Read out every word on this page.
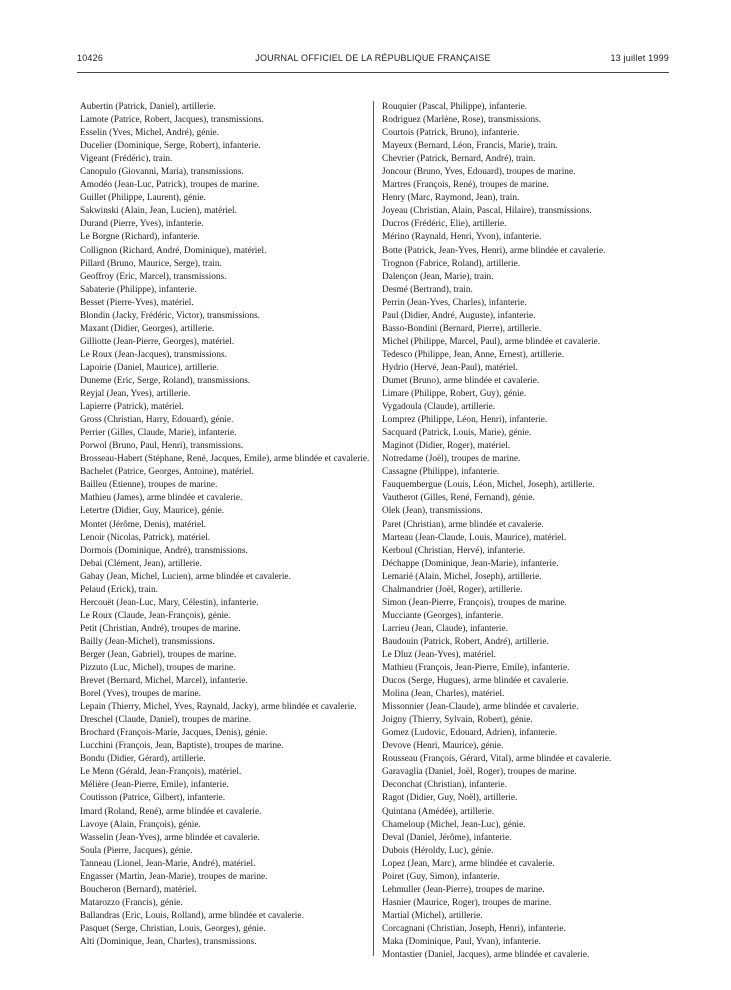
10426	JOURNAL OFFICIEL DE LA RÉPUBLIQUE FRANÇAISE	13 juillet 1999

Aubertin (Patrick, Daniel), artillerie.

Lamote (Patrice, Robert, Jacques), transmissions.

Esselin (Yves, Michel, André), génie.

Ducelier (Dominique, Serge, Robert), infanterie.

Vigeant (Frédéric), train.

Canopulo (Giovanni, Maria), transmissions.

Amodéo (Jean-Luc, Patrick), troupes de marine.

Guillet (Philippe, Laurent), génie.

Sakwinski (Alain, Jean, Lucien), matériel.

Durand (Pierre, Yves), infanterie.

Le Borgne (Richard), infanterie.

Collignon (Richard, André, Dominique), matériel.

Pillard (Bruno, Maurice, Serge), train.

Geoffroy (Eric, Marcel), transmissions.

Sabaterie (Philippe), infanterie.

Besset (Pierre-Yves), matériel.

Blondin (Jacky, Frédéric, Victor), transmissions.

Maxant (Didier, Georges), artillerie.

Gilliotte (Jean-Pierre, Georges), matériel.

Le Roux (Jean-Jacques), transmissions.

Lapoirie (Daniel, Maurice), artillerie.

Duneme (Eric, Serge, Roland), transmissions.

Reyjal (Jean, Yves), artillerie.

Lapierre (Patrick), matériel.

Gross (Christian, Harry, Edouard), génie.

Perrier (Gilles, Claude, Marie), infanterie.

Porwol (Bruno, Paul, Henri), transmissions.

Brosseau-Habert (Stéphane, René, Jacques, Emile), arme blindée et cavalerie.

Bachelet (Patrice, Georges, Antoine), matériel.

Bailleu (Etienne), troupes de marine.

Mathieu (James), arme blindée et cavalerie.

Letertre (Didier, Guy, Maurice), génie.

Montet (Jérôme, Denis), matériel.

Lenoir (Nicolas, Patrick), matériel.

Dormois (Dominique, André), transmissions.

Debai (Clément, Jean), artillerie.

Gabay (Jean, Michel, Lucien), arme blindée et cavalerie.

Pelaud (Erick), train.

Hercouët (Jean-Luc, Mary, Célestin), infanterie.

Le Roux (Claude, Jean-François), génie.

Petit (Christian, André), troupes de marine.

Bailly (Jean-Michel), transmissions.

Berger (Jean, Gabriel), troupes de marine.

Pizzuto (Luc, Michel), troupes de marine.

Brevet (Bernard, Michel, Marcel), infanterie.

Borel (Yves), troupes de marine.

Lepain (Thierry, Michel, Yves, Raynald, Jacky), arme blindée et cavalerie.

Dreschel (Claude, Daniel), troupes de marine.

Brochard (François-Marie, Jacques, Denis), génie.

Lucchini (François, Jean, Baptiste), troupes de marine.

Bondu (Didier, Gérard), artillerie.

Le Menn (Gérald, Jean-François), matériel.

Mélière (Jean-Pierre, Emile), infanterie.

Coutisson (Patrice, Gilbert), infanterie.

Imard (Roland, René), arme blindée et cavalerie.

Lavoye (Alain, François), génie.

Wasselin (Jean-Yves), arme blindée et cavalerie.

Soula (Pierre, Jacques), génie.

Tanneau (Lionel, Jean-Marie, André), matériel.

Engasser (Martin, Jean-Marie), troupes de marine.

Boucheron (Bernard), matériel.

Matarozzo (Francis), génie.

Ballandras (Eric, Louis, Rolland), arme blindée et cavalerie.

Pasquet (Serge, Christian, Louis, Georges), génie.

Alti (Dominique, Jean, Charles), transmissions.

Rouquier (Pascal, Philippe), infanterie.

Rodriguez (Marlène, Rose), transmissions.

Courtois (Patrick, Bruno), infanterie.

Mayeux (Bernard, Léon, Francis, Marie), train.

Chevrier (Patrick, Bernard, André), train.

Joncour (Bruno, Yves, Edouard), troupes de marine.

Martres (François, René), troupes de marine.

Henry (Marc, Raymond, Jean), train.

Joyeau (Christian, Alain, Pascal, Hilaire), transmissions.

Ducros (Frédéric, Elie), artillerie.

Mérino (Raynald, Henri, Yvon), infanterie.

Botte (Patrick, Jean-Yves, Henri), arme blindée et cavalerie.

Trognon (Fabrice, Roland), artillerie.

Dalençon (Jean, Marie), train.

Desmé (Bertrand), train.

Perrin (Jean-Yves, Charles), infanterie.

Paul (Didier, André, Auguste), infanterie.

Basso-Bondini (Bernard, Pierre), artillerie.

Michel (Philippe, Marcel, Paul), arme blindée et cavalerie.

Tedesco (Philippe, Jean, Anne, Ernest), artillerie.

Hydrio (Hervé, Jean-Paul), matériel.

Dumet (Bruno), arme blindée et cavalerie.

Limare (Philippe, Robert, Guy), génie.

Vygadoula (Claude), artillerie.

Lomprez (Philippe, Léon, Henri), infanterie.

Sacquard (Patrick, Louis, Marie), génie.

Maginot (Didier, Roger), matériel.

Notredame (Joël), troupes de marine.

Cassagne (Philippe), infanterie.

Fauquembergue (Louis, Léon, Michel, Joseph), artillerie.

Vautherot (Gilles, René, Fernand), génie.

Olek (Jean), transmissions.

Paret (Christian), arme blindée et cavalerie.

Marteau (Jean-Claude, Louis, Maurice), matériel.

Kerboul (Christian, Hervé), infanterie.

Déchappe (Dominique, Jean-Marie), infanterie.

Lemarié (Alain, Michel, Joseph), artillerie.

Chalmandrier (Joël, Roger), artillerie.

Simon (Jean-Pierre, François), troupes de marine.

Mucciante (Georges), infanterie.

Larrieu (Jean, Claude), infanterie.

Baudouin (Patrick, Robert, André), artillerie.

Le Dluz (Jean-Yves), matériel.

Mathieu (François, Jean-Pierre, Emile), infanterie.

Ducos (Serge, Hugues), arme blindée et cavalerie.

Molina (Jean, Charles), matériel.

Missonnier (Jean-Claude), arme blindée et cavalerie.

Joigny (Thierry, Sylvain, Robert), génie.

Gomez (Ludovic, Edouard, Adrien), infanterie.

Devove (Henri, Maurice), génie.

Rousseau (François, Gérard, Vital), arme blindée et cavalerie.

Garavaglia (Daniel, Joël, Roger), troupes de marine.

Deconchat (Christian), infanterie.

Ragot (Didier, Guy, Noël), artillerie.

Quintana (Amédée), artillerie.

Chameloup (Michel, Jean-Luc), génie.

Deval (Daniel, Jérôme), infanterie.

Dubois (Héroldy, Luc), génie.

Lopez (Jean, Marc), arme blindée et cavalerie.

Poiret (Guy, Simon), infanterie.

Lehmuller (Jean-Pierre), troupes de marine.

Hasnier (Maurice, Roger), troupes de marine.

Martial (Michel), artillerie.

Corcagnani (Christian, Joseph, Henri), infanterie.

Maka (Dominique, Paul, Yvan), infanterie.

Montastier (Daniel, Jacques), arme blindée et cavalerie.
